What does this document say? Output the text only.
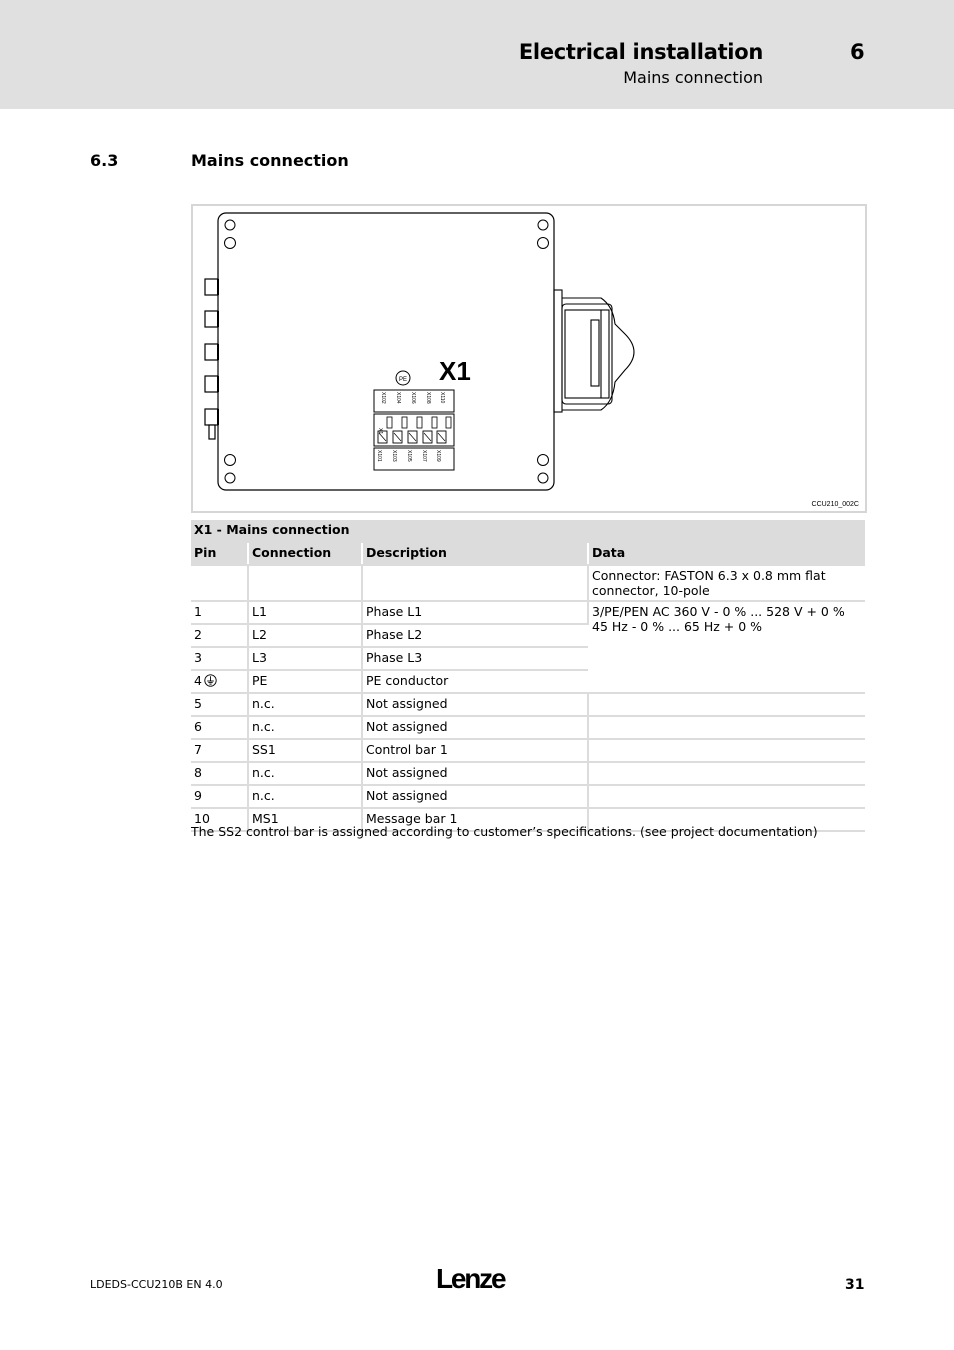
Electrical installation	6
Mains connection
6.3	Mains connection
X1
PE
X102 X104 X106 X108 X110
X101 X103 X105 X107 X109
X1
CCU210_002C
X1 - Mains connection			
Pin	Connection	Description	Data
			Connector: FASTON 6.3 x 0.8 mm flat connector, 10-pole
1	L1	Phase L1	3/PE/PEN AC 360 V - 0 % ... 528 V + 0 %
45 Hz - 0 % ... 65 Hz + 0 %

2	L2	Phase L2	
3	L3	Phase L3	
4	PE	PE conductor	
5	n.c.	Not assigned	
6	n.c.	Not assigned	
7	SS1	Control bar 1	
8	n.c.	Not assigned	
9	n.c.	Not assigned	
10	MS1	Message bar 1	
The SS2 control bar is assigned according to customer’s specifications. (see project documentation)
LDEDS-CCU210B EN 4.0	Lenze	31
